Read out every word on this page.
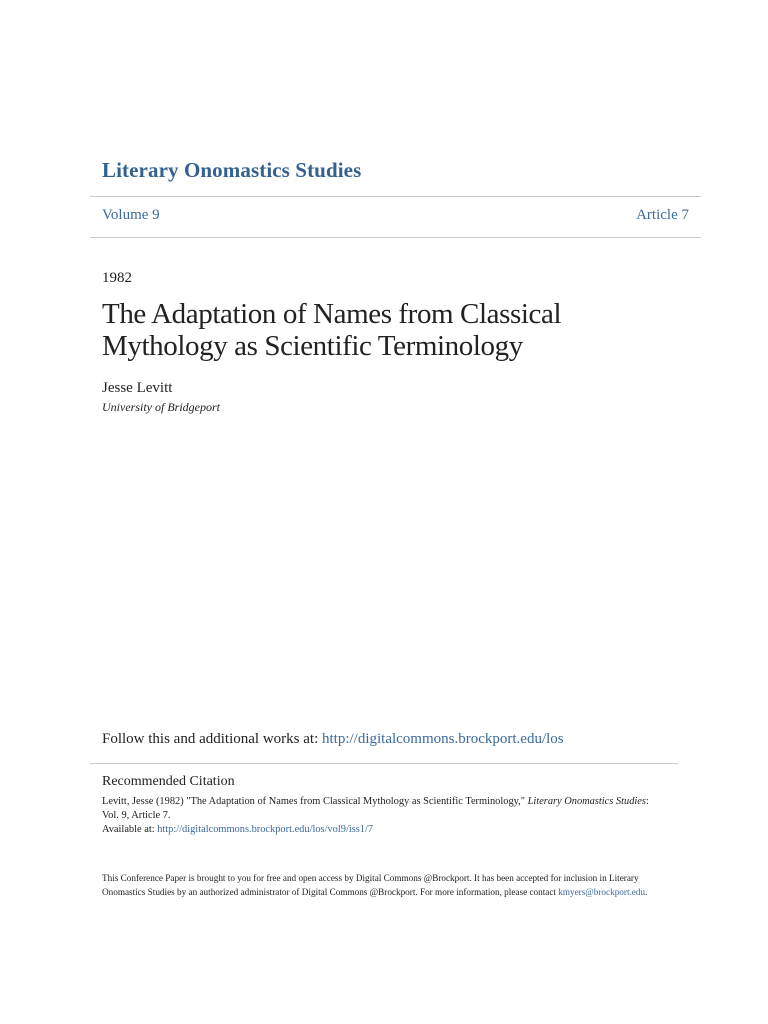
Literary Onomastics Studies
Volume 9	Article 7
1982
The Adaptation of Names from Classical Mythology as Scientific Terminology
Jesse Levitt
University of Bridgeport
Follow this and additional works at: http://digitalcommons.brockport.edu/los
Recommended Citation
Levitt, Jesse (1982) "The Adaptation of Names from Classical Mythology as Scientific Terminology," Literary Onomastics Studies: Vol. 9, Article 7.
Available at: http://digitalcommons.brockport.edu/los/vol9/iss1/7
This Conference Paper is brought to you for free and open access by Digital Commons @Brockport. It has been accepted for inclusion in Literary Onomastics Studies by an authorized administrator of Digital Commons @Brockport. For more information, please contact kmyers@brockport.edu.
